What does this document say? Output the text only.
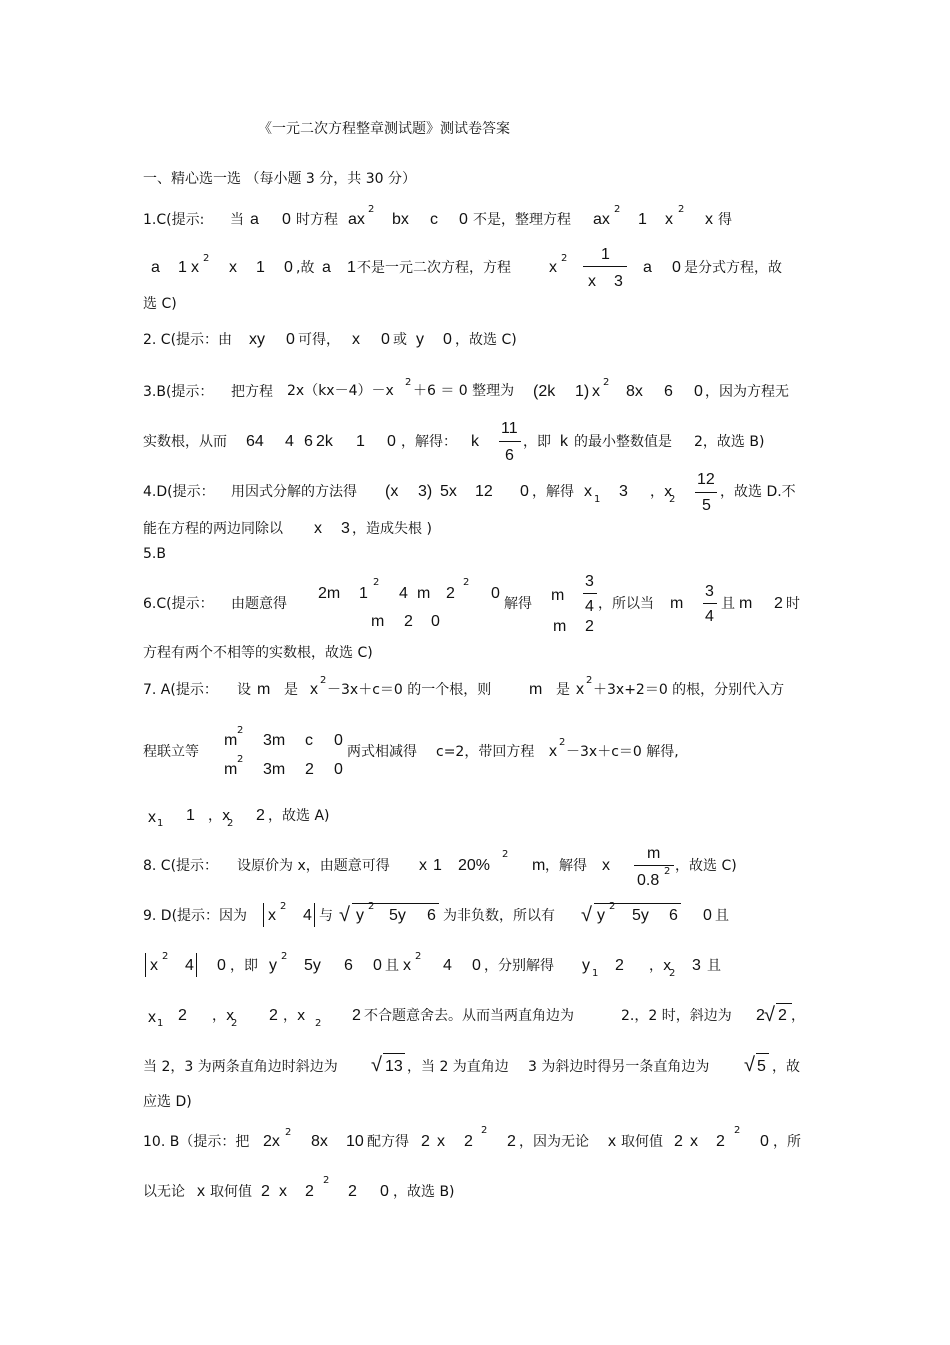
《一元二次方程整章测试题》测试卷答案
一、精心选一选 （每小题 3 分，共 30 分）
1.C(提示: 当 a 0 时方程 ax
2
bx c 0 不是，整理方程 ax
2
1 x
2
x 得
a 1 x
2
x 1 0 ,故 a 1 不是一元二次方程，方程 x
2 1
x 3
a 0 是分式方程，故
选 C)
2. C(提示：由 xy 0 可得， x 0 或 y 0 ，故选 C)
3.B(提示： 把方程 2x（kx－4）－x
2
＋6 ＝ 0 整理为 (2k 1) x
2
8x 6 0 ，因为方程无
实数根，从而 64 4 6 2k 1 0 ，解得： k
11
6
，即 k 的最小整数值是 2，故选 B)
4.D(提示： 用因式分解的方法得 (x 3) 5x 12 0 ，解得 x 1 3 ，x
2
12
5
，故选 D.不
能在方程的两边同除以 x 3 ，造成失根 )
5.B
6.C(提示： 由题意得
2m 1
2
4 m 2
2
0
m 2 0
解得 m
3
4
m 2
，所以当 m
3
4
且 m 2 时
方程有两个不相等的实数根，故选 C)
7. A(提示： 设 m 是 x
2
－3x＋c＝0 的一个根，则 m 是 x
2
＋3x+2＝0 的根，分别代入方
程联立等
m
2
3m c 0
m
2
3m 2 0
两式相减得 c=2，带回方程 x
2
－3x＋c＝0 解得,
x 1 1 ，x
2 2 ，故选 A)
8. C(提示： 设原价为 x，由题意可得 x 1 20%
2
m ，解得 x
m
0.8
2 ，故选 C)
9. D(提示：因为 x
2
4 与 √ y
2
5y 6 为非负数，所以有 √ y
2
5y 6 0 且
x
2
4 0 ，即 y
2
5y 6 0 且 x
2
4 0 ，分别解得 y 1 2 ，x
2 3 且
x 1 2 ，x
2 2 ，x 2 2 不合题意舍去。从而当两直角边为	2.，2 时，斜边为 2 √ 2 ，
当 2，3 为两条直角边时斜边为 √ 13 ，当 2 为直角边 3 为斜边时得另一条直角边为 √ 5 ，故
应选 D)
10. B（提示：把 2x
2
8x 10 配方得 2 x 2
2
2 ，因为无论 x 取何值 2 x 2
2
0 ，所
以无论 x 取何值 2 x 2
2
2 0 ，故选 B)
